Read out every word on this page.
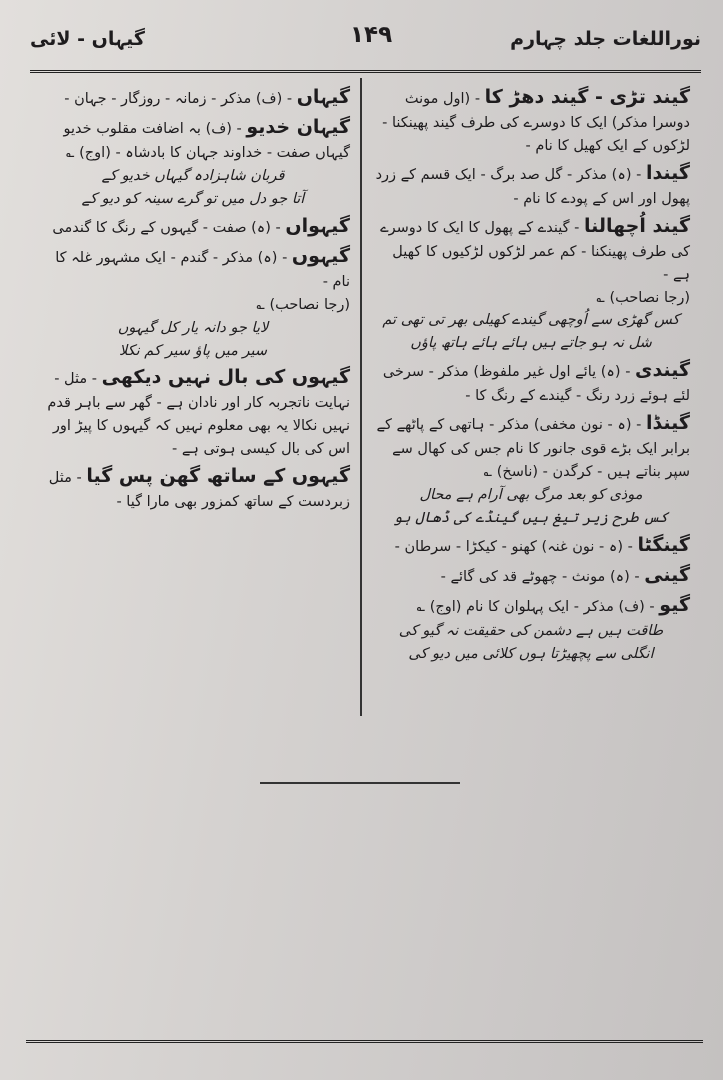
نوراللغات جلد چہارم
۱۴۹
گیہاں - لائی

گیند تڑی - گیند دھڑ کا - (اول مونث دوسرا مذکر) ایک کا دوسرے کی طرف گیند پھینکنا - لڑکوں کے ایک کھیل کا نام -

گیندا - (ہ) مذکر - گل صد برگ - ایک قسم کے زرد پھول اور اس کے پودے کا نام -

گیند اُچھالنا - گیندے کے پھول کا ایک کا دوسرے کی طرف پھینکنا - کم عمر لڑکوں لڑکیوں کا کھیل ہے -

(رجا نصاحب) ؎

کس گھڑی سے اُوچھی گیندے کھیلی بھر تی تھی تم

شل نہ ہو جاتے ہیں ہائے ہائے ہاتھ پاؤں

گیندی - (ہ) یائے اول غیر ملفوظ) مذکر - سرخی لئے ہوئے زرد رنگ - گیندے کے رنگ کا -

گینڈا - (ہ - نون مخفی) مذکر - ہاتھی کے پاٹھے کے برابر ایک بڑے قوی جانور کا نام جس کی کھال سے سپر بناتے ہیں - کرگدن - (ناسخ) ؎

موذی کو بعد مرگ بھی آرام ہے محال

کس طرح زیر تیغ ہیں گینڈے کی ڈھال ہو

گینگٹا - (ہ - نون غنہ) کھنو - کیکڑا - سرطان -

گینی - (ہ) مونث - چھوٹے قد کی گائے -

گیو - (ف) مذکر - ایک پہلوان کا نام (اوج) ؎

طاقت ہیں ہے دشمن کی حقیقت نہ گیو کی

انگلی سے پچھیڑتا ہوں کلائی میں دیو کی

گیہاں - (ف) مذکر - زمانہ - روزگار - جہان -

گیہان خدیو - (ف) بہ اضافت مقلوب خدیو گیہاں صفت - خداوند جہان کا بادشاہ - (اوج) ؎

قربان شاہزادہ گیہاں خدیو کے

آتا جو دل میں تو گرے سینہ کو دیو کے

گیہواں - (ہ) صفت - گیہوں کے رنگ کا گندمی

گیہوں - (ہ) مذکر - گندم - ایک مشہور غلہ کا نام -

(رجا نصاحب) ؎

لایا جو دانہ یار کل گیہوں

سیر میں پاؤ سیر کم نکلا

گیہوں کی بال نہیں دیکھی - مثل - نہایت ناتجربہ کار اور نادان ہے - گھر سے باہر قدم نہیں نکالا یہ بھی معلوم نہیں کہ گیہوں کا پیڑ اور اس کی بال کیسی ہوتی ہے -

گیہوں کے ساتھ گھن پس گیا - مثل زبردست کے ساتھ کمزور بھی مارا گیا -
